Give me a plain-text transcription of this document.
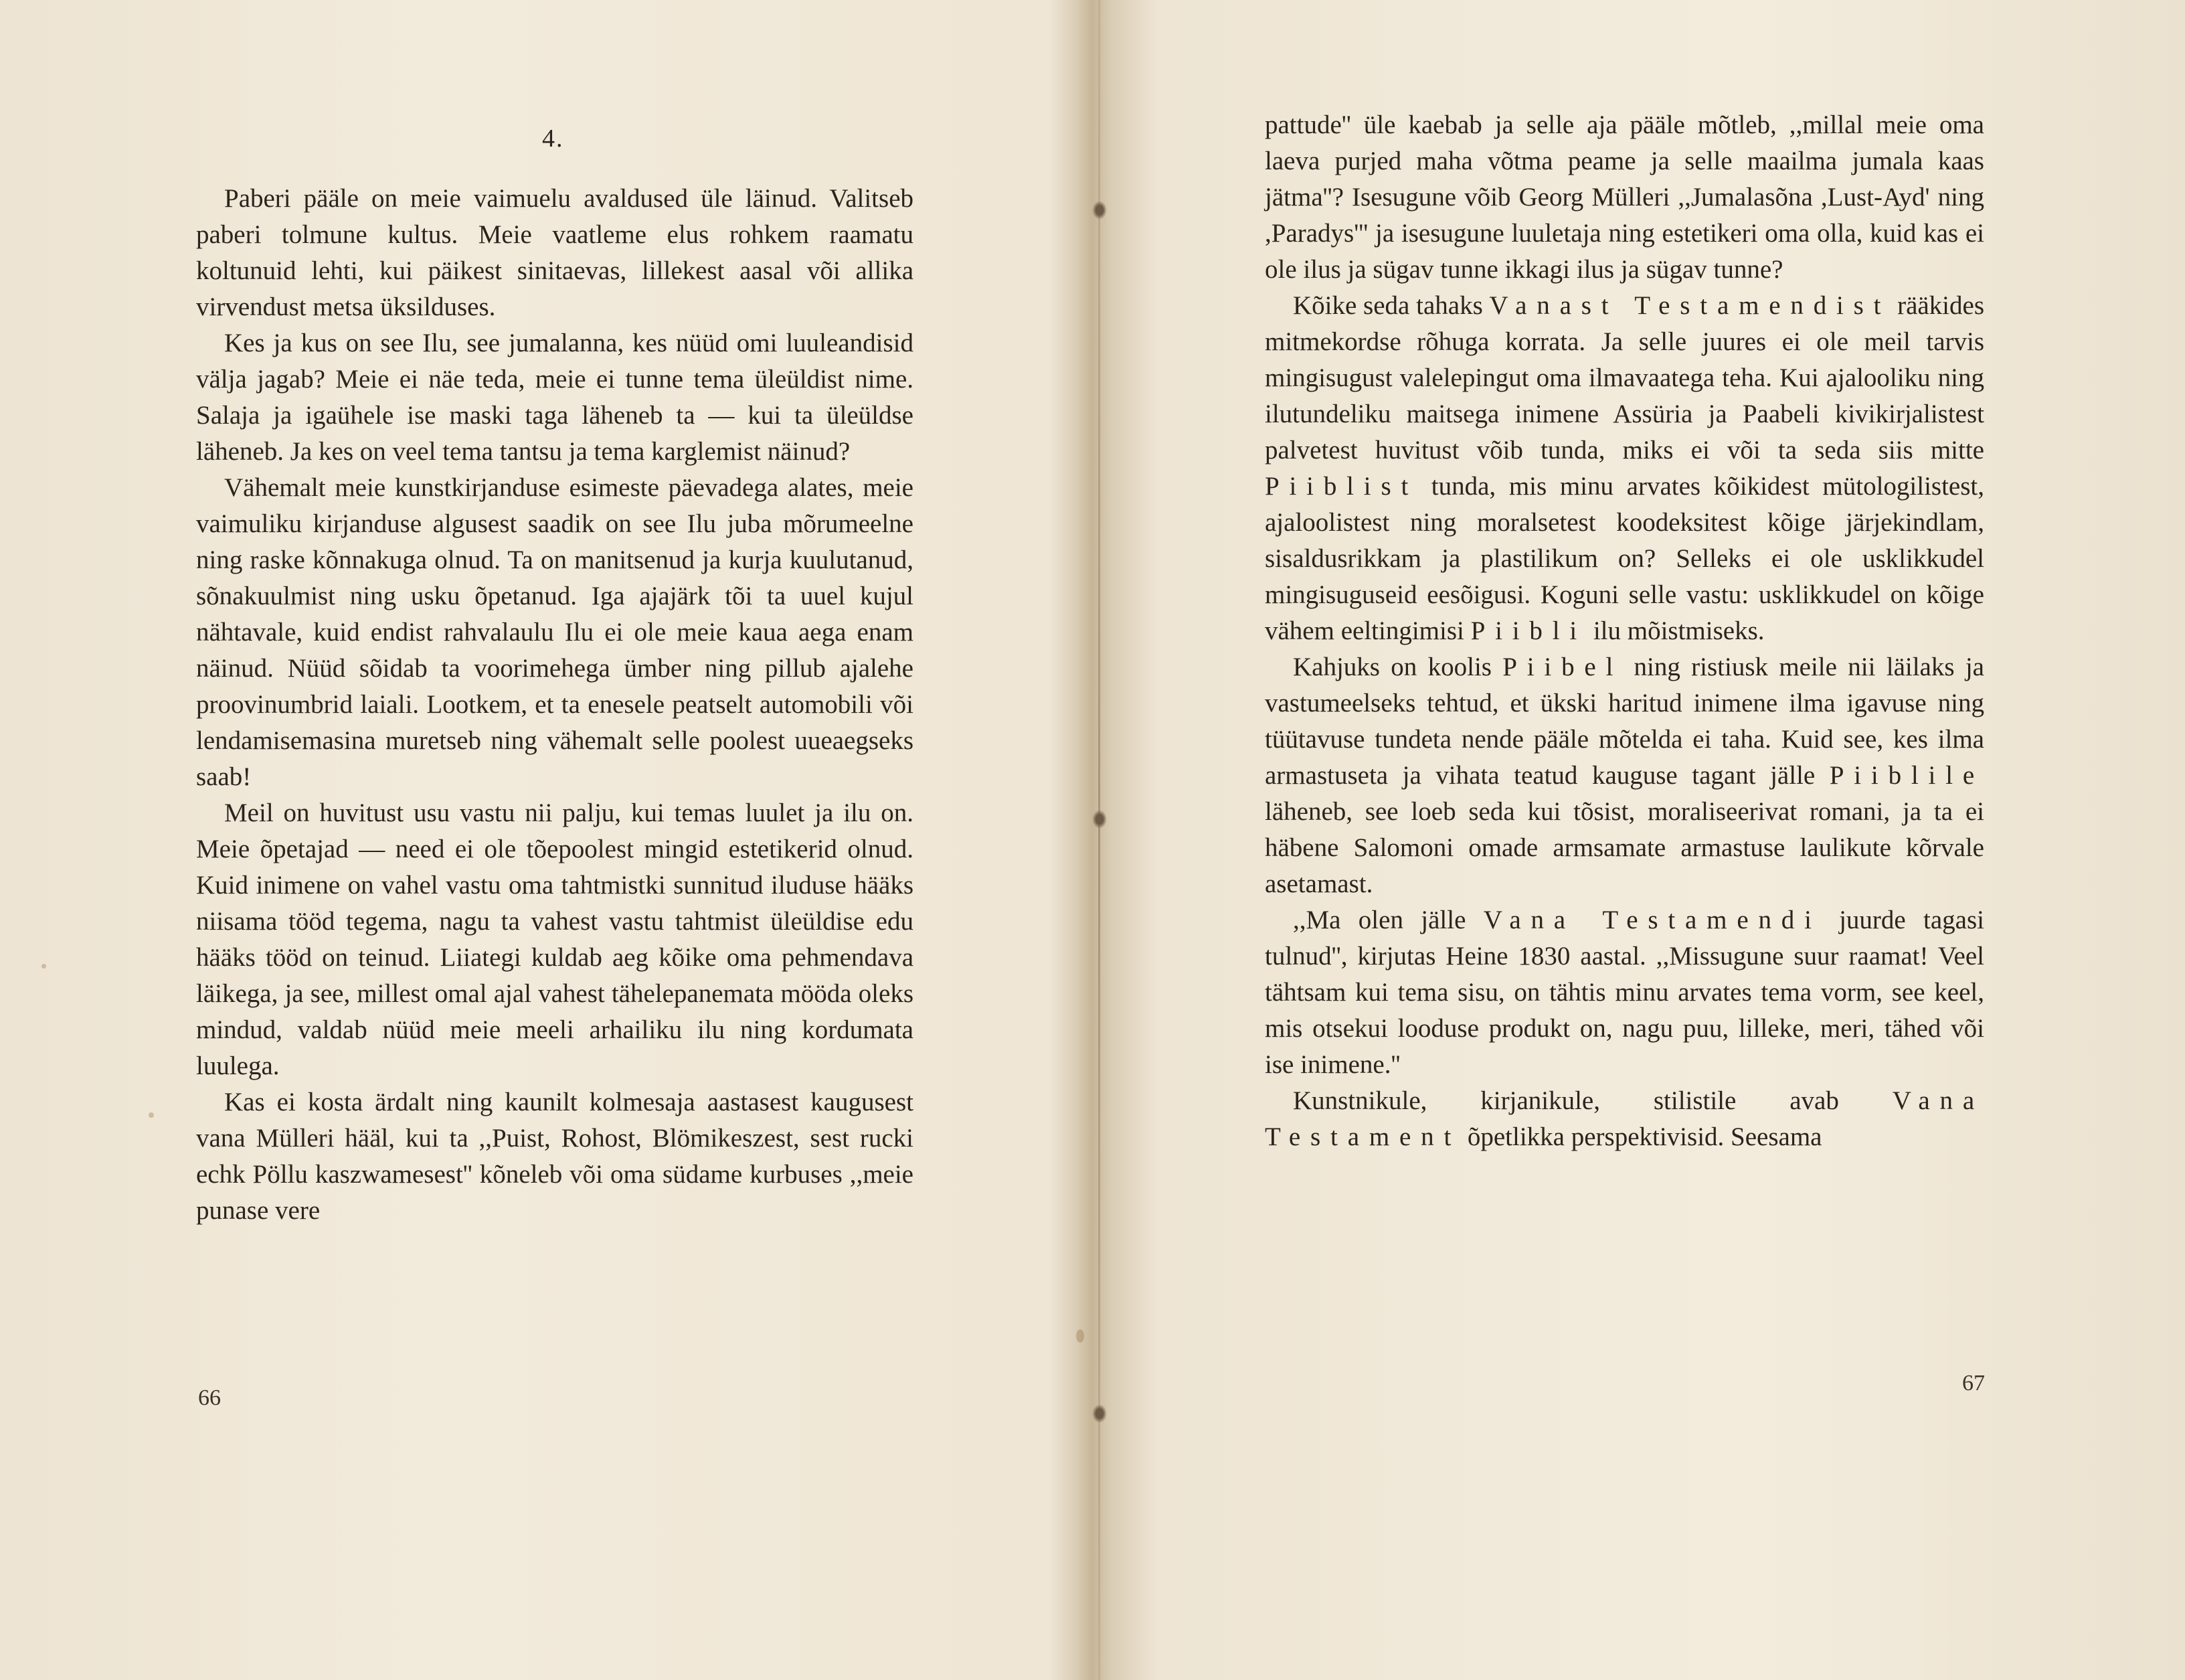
4.

Paberi pääle on meie vaimuelu avaldused üle läinud. Valitseb paberi tolmune kultus. Meie vaatleme elus rohkem raamatu koltunuid lehti, kui päikest sinitaevas, lillekest aasal või allika virvendust metsa üksilduses.

Kes ja kus on see Ilu, see jumalanna, kes nüüd omi luuleandisid välja jagab? Meie ei näe teda, meie ei tunne tema üleüldist nime. Salaja ja igaühele ise maski taga läheneb ta — kui ta üleüldse läheneb. Ja kes on veel tema tantsu ja tema karglemist näinud?

Vähemalt meie kunstkirjanduse esimeste päevadega alates, meie vaimuliku kirjanduse algusest saadik on see Ilu juba mõrumeelne ning raske kõnnakuga olnud. Ta on manitsenud ja kurja kuulutanud, sõnakuulmist ning usku õpetanud. Iga ajajärk tõi ta uuel kujul nähtavale, kuid endist rahvalaulu Ilu ei ole meie kaua aega enam näinud. Nüüd sõidab ta voorimehega ümber ning pillub ajalehe proovinumbrid laiali. Lootkem, et ta enesele peatselt automobili või lendamisemasina muretseb ning vähemalt selle poolest uueaegseks saab!

Meil on huvitust usu vastu nii palju, kui temas luulet ja ilu on. Meie õpetajad — need ei ole tõepoolest mingid estetikerid olnud. Kuid inimene on vahel vastu oma tahtmistki sunnitud iluduse hääks niisama tööd tegema, nagu ta vahest vastu tahtmist üleüldise edu hääks tööd on teinud. Liiategi kuldab aeg kõike oma pehmendava läikega, ja see, millest omal ajal vahest tähelepanemata mööda oleks mindud, valdab nüüd meie meeli arhailiku ilu ning kordumata luulega.

Kas ei kosta ärdalt ning kaunilt kolmesaja aastasest kaugusest vana Mülleri hääl, kui ta ,,Puist, Rohost, Blömikeszest, sest rucki echk Pöllu kaszwamesest'' kõneleb või oma südame kurbuses ,,meie punase vere

66

pattude'' üle kaebab ja selle aja pääle mõtleb, ,,millal meie oma laeva purjed maha võtma peame ja selle maailma jumala kaas jätma''? Isesugune võib Georg Mülleri ,,Jumalasõna ,Lust-Ayd' ning ,Paradys''' ja isesugune luuletaja ning estetikeri oma olla, kuid kas ei ole ilus ja sügav tunne ikkagi ilus ja sügav tunne?

Kõike seda tahaks Vanast Testamendist rääkides mitmekordse rõhuga korrata. Ja selle juures ei ole meil tarvis mingisugust valelepingut oma ilmavaatega teha. Kui ajalooliku ning ilutundeliku maitsega inimene Assüria ja Paabeli kivikirjalistest palvetest huvitust võib tunda, miks ei või ta seda siis mitte Piiblist tunda, mis minu arvates kõikidest mütologilistest, ajaloolistest ning moralsetest koodeksitest kõige järjekindlam, sisaldusrikkam ja plastilikum on? Selleks ei ole usklikkudel mingisuguseid eesõigusi. Koguni selle vastu: usklikkudel on kõige vähem eeltingimisi Piibli ilu mõistmiseks.

Kahjuks on koolis Piibel ning ristiusk meile nii läilaks ja vastumeelseks tehtud, et ükski haritud inimene ilma igavuse ning tüütavuse tundeta nende pääle mõtelda ei taha. Kuid see, kes ilma armastuseta ja vihata teatud kauguse tagant jälle Piiblile läheneb, see loeb seda kui tõsist, moraliseerivat romani, ja ta ei häbene Salomoni omade armsamate armastuse laulikute kõrvale asetamast.

,,Ma olen jälle Vana Testamendi juurde tagasi tulnud'', kirjutas Heine 1830 aastal. ,,Missugune suur raamat! Veel tähtsam kui tema sisu, on tähtis minu arvates tema vorm, see keel, mis otsekui looduse produkt on, nagu puu, lilleke, meri, tähed või ise inimene.''

Kunstnikule, kirjanikule, stilistile avab Vana Testament õpetlikka perspektivisid. Seesama

67
